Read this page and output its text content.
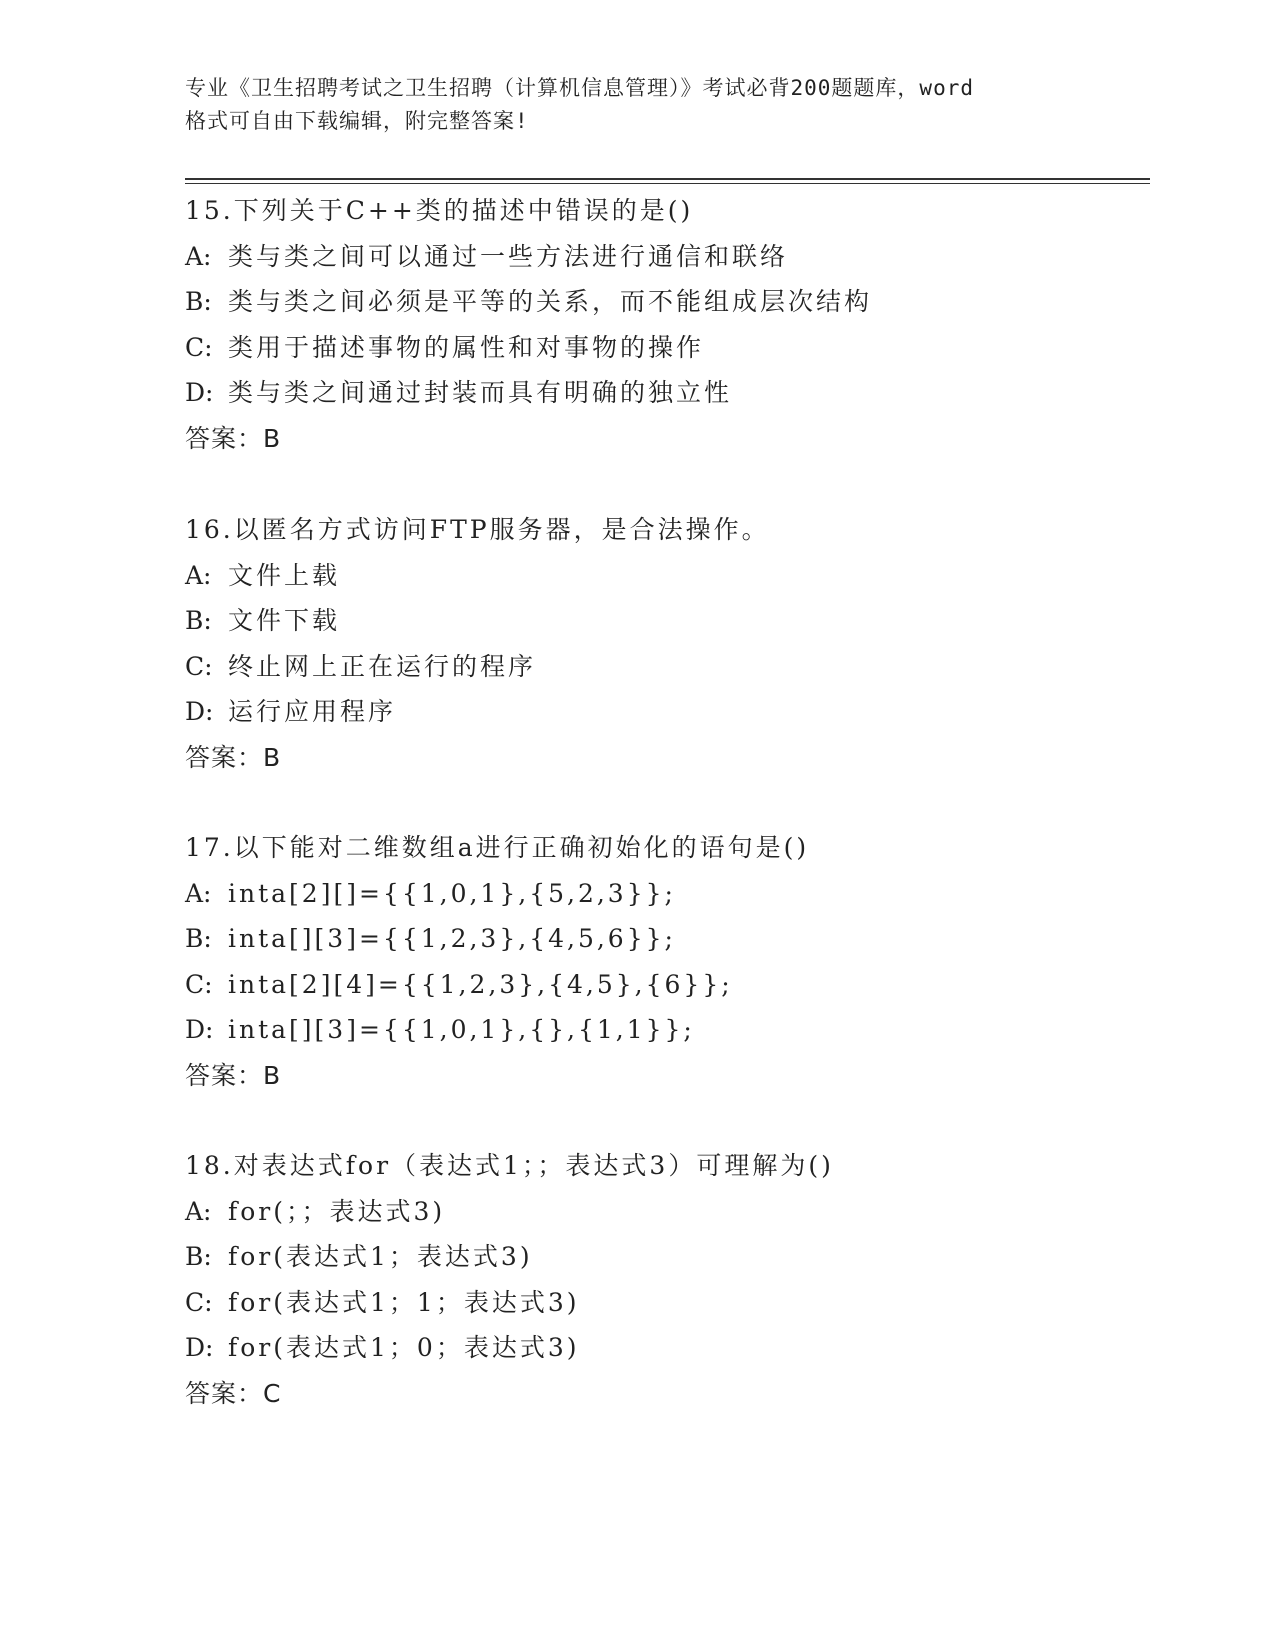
专业《卫生招聘考试之卫生招聘（计算机信息管理）》考试必背200题题库，word
格式可自由下载编辑，附完整答案!
15.下列关于C++类的描述中错误的是()
A: 类与类之间可以通过一些方法进行通信和联络
B: 类与类之间必须是平等的关系，而不能组成层次结构
C: 类用于描述事物的属性和对事物的操作
D: 类与类之间通过封装而具有明确的独立性
答案：B
16.以匿名方式访问FTP服务器，是合法操作。
A: 文件上载
B: 文件下载
C: 终止网上正在运行的程序
D: 运行应用程序
答案：B
17.以下能对二维数组a进行正确初始化的语句是()
A: inta[2][]={{1,0,1},{5,2,3}};
B: inta[][3]={{1,2,3},{4,5,6}};
C: inta[2][4]={{1,2,3},{4,5},{6}};
D: inta[][3]={{1,0,1},{},{1,1}};
答案：B
18.对表达式for（表达式1；；表达式3）可理解为()
A: for(；；表达式3)
B: for(表达式1；表达式3)
C: for(表达式1；1；表达式3)
D: for(表达式1；0；表达式3)
答案：C
